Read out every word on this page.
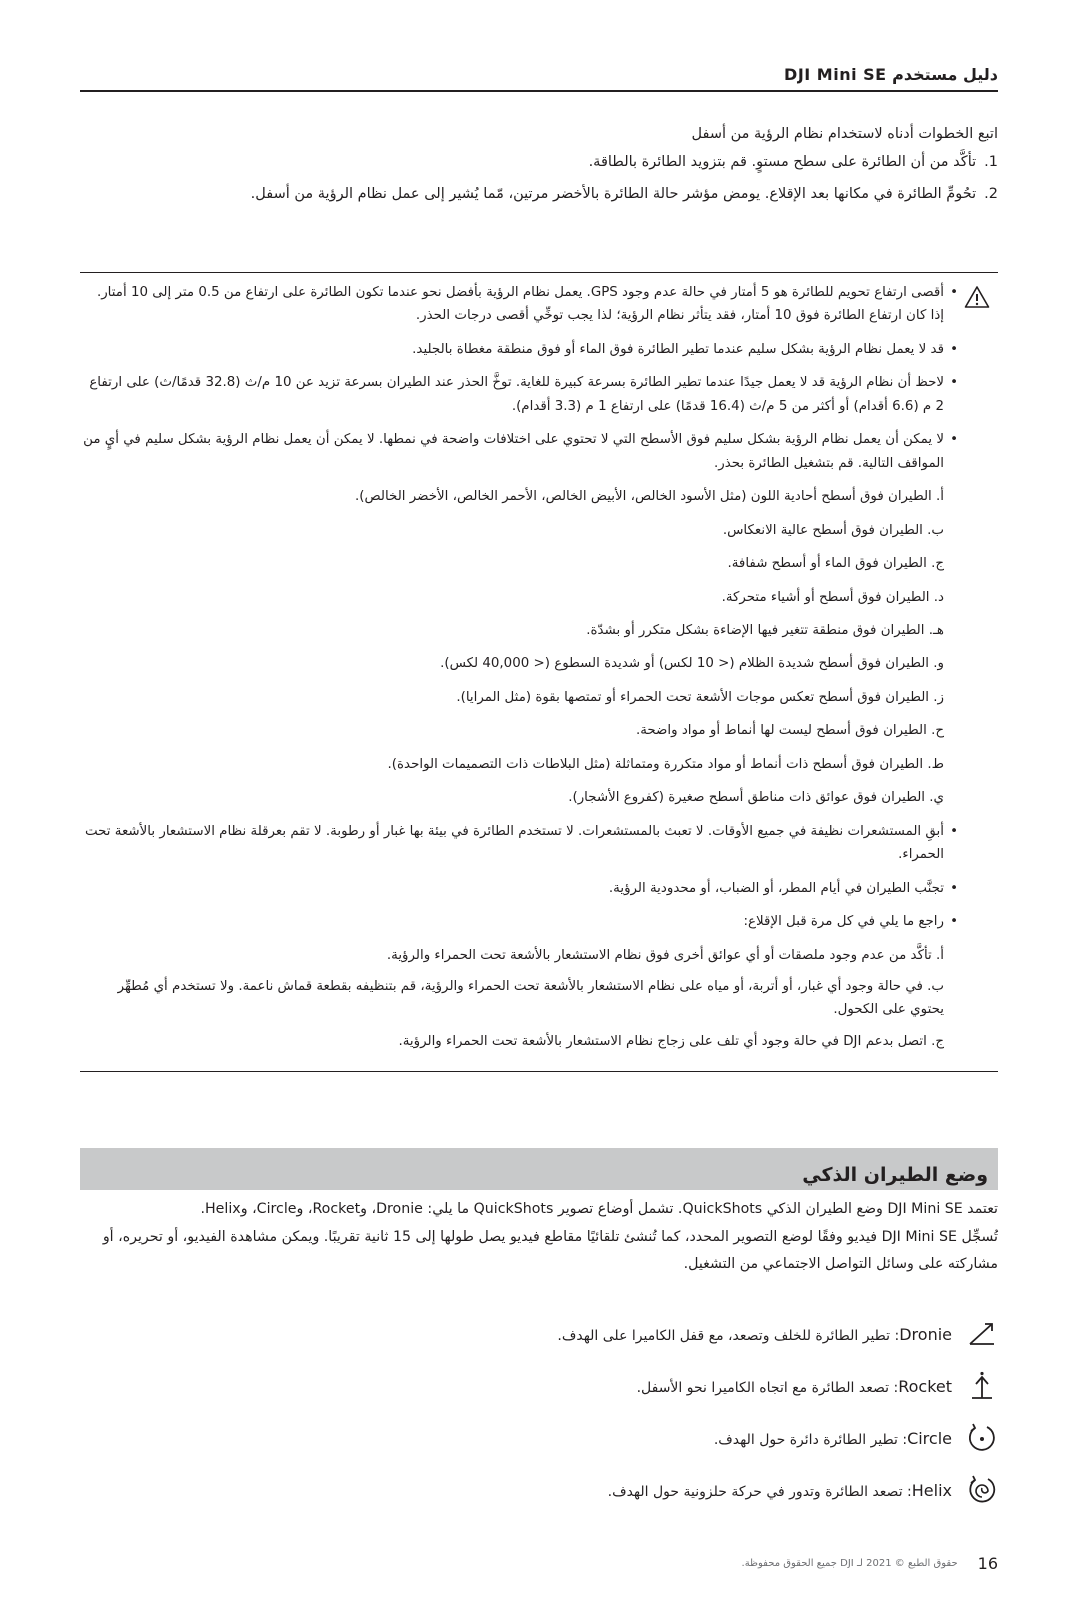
دليل مستخدم DJI Mini SE
اتبع الخطوات أدناه لاستخدام نظام الرؤية من أسفل
1.
تأكَّد من أن الطائرة على سطح مستوٍ. قم بتزويد الطائرة بالطاقة.
2.
تحُومِّ الطائرة في مكانها بعد الإقلاع. يومض مؤشر حالة الطائرة بالأخضر مرتين، مّما يُشير إلى عمل نظام الرؤية من أسفل.
• أقصى ارتفاع تحويم للطائرة هو 5 أمتار في حالة عدم وجود GPS. يعمل نظام الرؤية بأفضل نحو عندما تكون الطائرة على ارتفاع من 0.5 متر إلى 10 أمتار. إذا كان ارتفاع الطائرة فوق 10 أمتار، فقد يتأثر نظام الرؤية؛ لذا يجب توخِّي أقصى درجات الحذر.
• قد لا يعمل نظام الرؤية بشكل سليم عندما تطير الطائرة فوق الماء أو فوق منطقة مغطاة بالجليد.
• لاحظ أن نظام الرؤية قد لا يعمل جيدًا عندما تطير الطائرة بسرعة كبيرة للغاية. توخَّ الحذر عند الطيران بسرعة تزيد عن 10 م/ث (32.8 قدمًا/ث) على ارتفاع 2 م (6.6 أقدام) أو أكثر من 5 م/ث (16.4 قدمًا) على ارتفاع 1 م (3.3 أقدام).
• لا يمكن أن يعمل نظام الرؤية بشكل سليم فوق الأسطح التي لا تحتوي على اختلافات واضحة في نمطها. لا يمكن أن يعمل نظام الرؤية بشكل سليم في أيٍ من المواقف التالية. قم بتشغيل الطائرة بحذر.
أ. الطيران فوق أسطح أحادية اللون (مثل الأسود الخالص، الأبيض الخالص، الأحمر الخالص، الأخضر الخالص).
ب. الطيران فوق أسطح عالية الانعكاس.
ج. الطيران فوق الماء أو أسطح شفافة.
د. الطيران فوق أسطح أو أشياء متحركة.
هـ. الطيران فوق منطقة تتغير فيها الإضاءة بشكل متكرر أو بشدّة.
و. الطيران فوق أسطح شديدة الظلام (< 10 لكس) أو شديدة السطوع (< 40,000 لكس).
ز. الطيران فوق أسطح تعكس موجات الأشعة تحت الحمراء أو تمتصها بقوة (مثل المرايا).
ح. الطيران فوق أسطح ليست لها أنماط أو مواد واضحة.
ط. الطيران فوق أسطح ذات أنماط أو مواد متكررة ومتماثلة (مثل البلاطات ذات التصميمات الواحدة).
ي. الطيران فوق عوائق ذات مناطق أسطح صغيرة (كفروع الأشجار).
• أبقِ المستشعرات نظيفة في جميع الأوقات. لا تعبث بالمستشعرات. لا تستخدم الطائرة في بيئة بها غبار أو رطوبة. لا تقم بعرقلة نظام الاستشعار بالأشعة تحت الحمراء.
• تجنَّب الطيران في أيام المطر، أو الضباب، أو محدودية الرؤية.
• راجع ما يلي في كل مرة قبل الإقلاع:
أ. تأكَّد من عدم وجود ملصقات أو أي عوائق أخرى فوق نظام الاستشعار بالأشعة تحت الحمراء والرؤية.
ب. في حالة وجود أي غبار، أو أتربة، أو مياه على نظام الاستشعار بالأشعة تحت الحمراء والرؤية، قم بتنظيفه بقطعة قماش ناعمة. ولا تستخدم أي مُطهِّر يحتوي على الكحول.
ج. اتصل بدعم DJI في حالة وجود أي تلف على زجاج نظام الاستشعار بالأشعة تحت الحمراء والرؤية.
وضع الطيران الذكي
تعتمد DJI Mini SE وضع الطيران الذكي QuickShots. تشمل أوضاع تصوير QuickShots ما يلي: Dronie، وRocket، وCircle، وHelix.
تُسجِّل DJI Mini SE فيديو وفقًا لوضع التصوير المحدد، كما تُنشئ تلقائيًا مقاطع فيديو يصل طولها إلى 15 ثانية تقريبًا. ويمكن مشاهدة الفيديو، أو تحريره، أو مشاركته على وسائل التواصل الاجتماعي من التشغيل.
Dronie: تطير الطائرة للخلف وتصعد، مع قفل الكاميرا على الهدف.
Rocket: تصعد الطائرة مع اتجاه الكاميرا نحو الأسفل.
Circle: تطير الطائرة دائرة حول الهدف.
Helix: تصعد الطائرة وتدور في حركة حلزونية حول الهدف.
16
حقوق الطبع © 2021 لـ DJI جميع الحقوق محفوظة.
